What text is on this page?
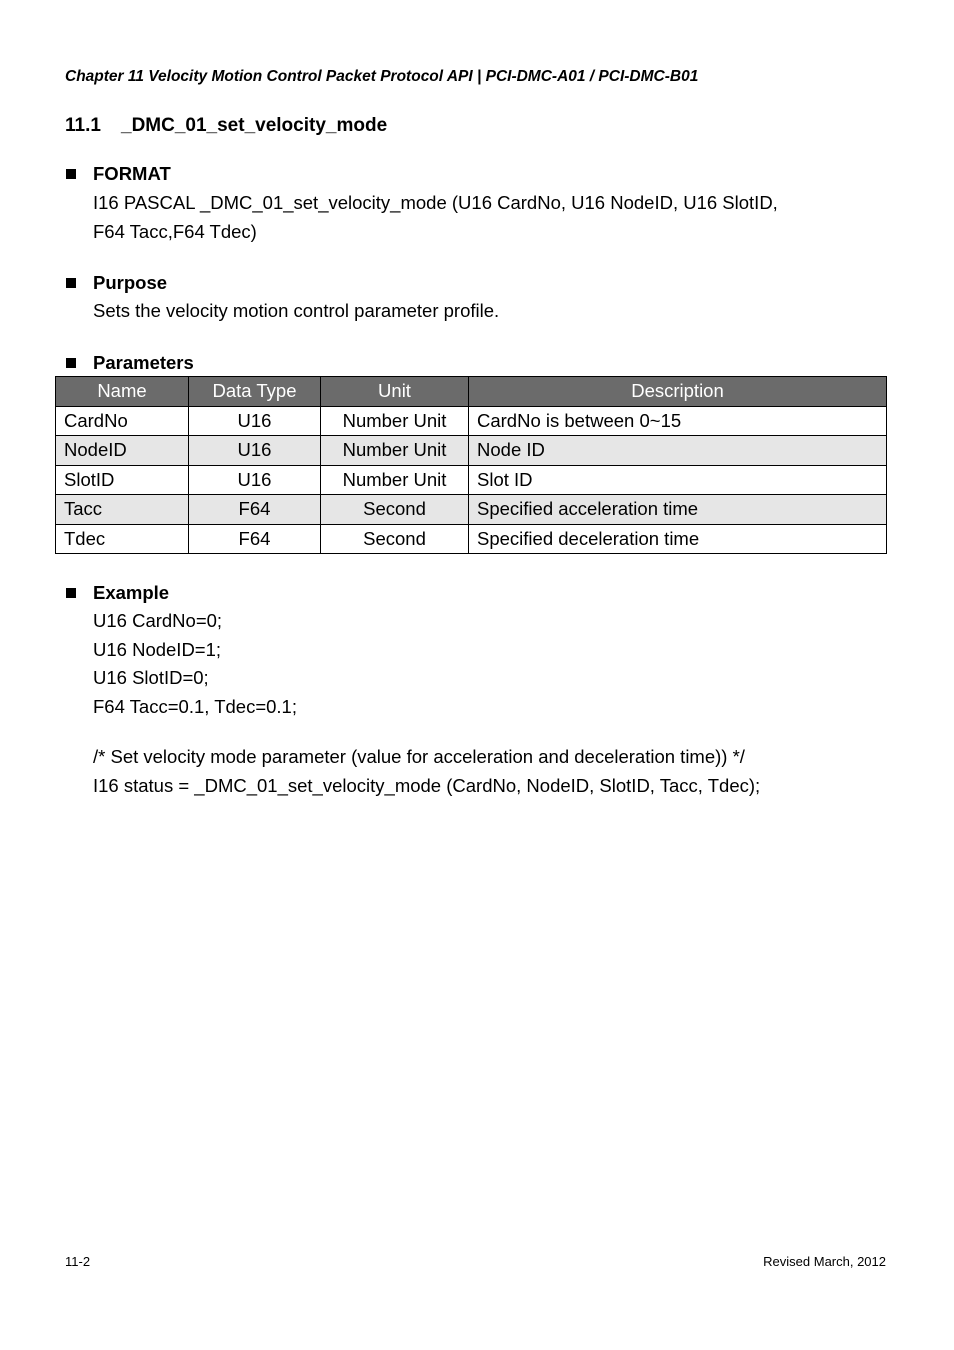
Chapter 11 Velocity Motion Control Packet Protocol API | PCI-DMC-A01 / PCI-DMC-B01
11.1 _DMC_01_set_velocity_mode
FORMAT
I16 PASCAL _DMC_01_set_velocity_mode (U16 CardNo, U16 NodeID, U16 SlotID,
F64 Tacc,F64 Tdec)
Purpose
Sets the velocity motion control parameter profile.
Parameters
Name	Data Type	Unit	Description
CardNo	U16	Number Unit	CardNo is between 0~15
NodeID	U16	Number Unit	Node ID
SlotID	U16	Number Unit	Slot ID
Tacc	F64	Second	Specified acceleration time
Tdec	F64	Second	Specified deceleration time
Example
U16 CardNo=0;
U16 NodeID=1;
U16 SlotID=0;
F64 Tacc=0.1, Tdec=0.1;
/* Set velocity mode parameter (value for acceleration and deceleration time)) */
I16 status = _DMC_01_set_velocity_mode (CardNo, NodeID, SlotID, Tacc, Tdec);
11-2	Revised March, 2012
